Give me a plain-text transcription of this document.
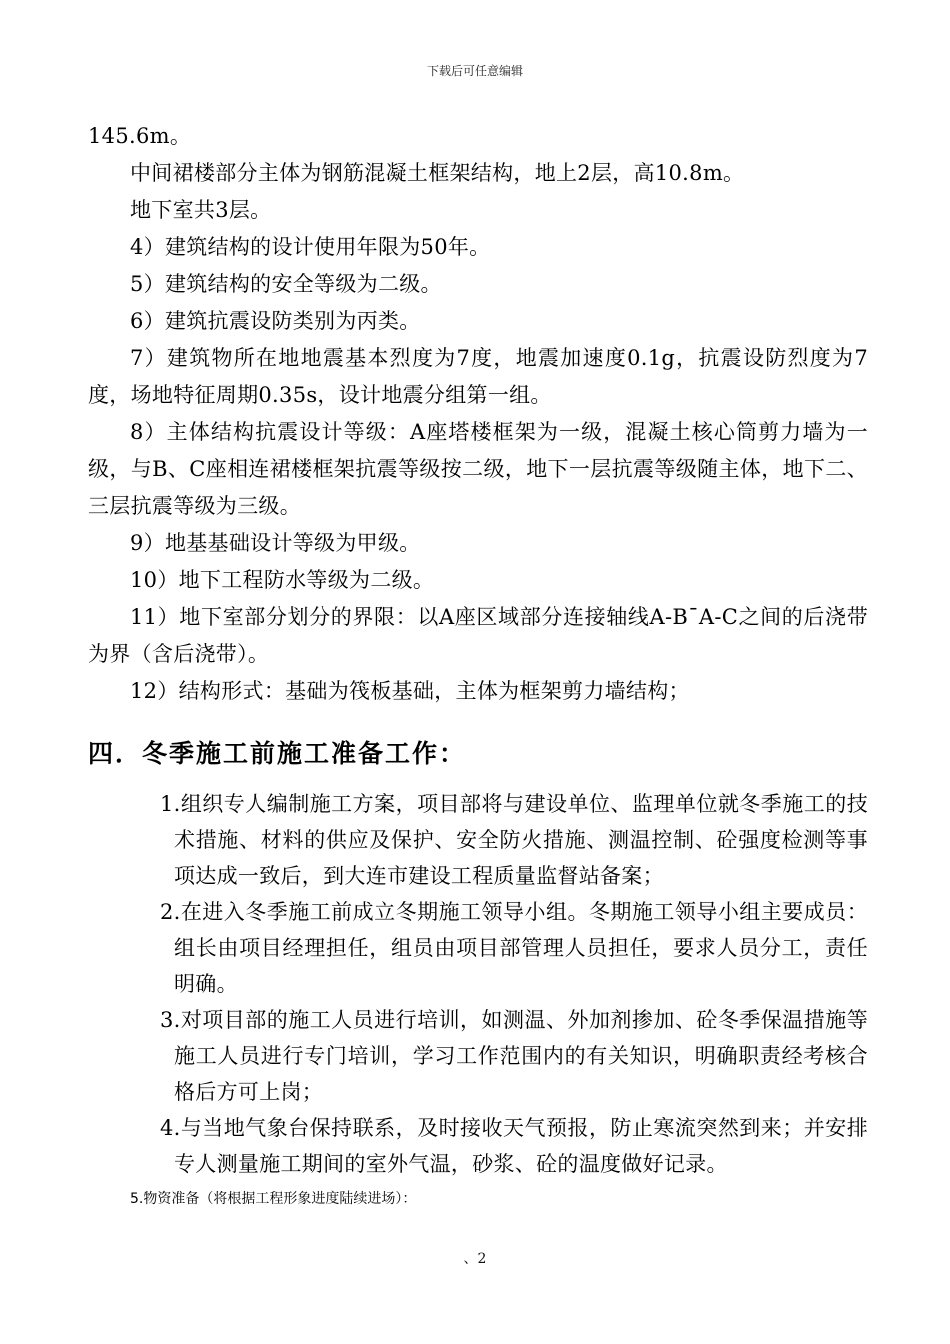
下载后可任意编辑

145.6m。

中间裙楼部分主体为钢筋混凝土框架结构，地上2层，高10.8m。

地下室共3层。

4）建筑结构的设计使用年限为50年。

5）建筑结构的安全等级为二级。

6）建筑抗震设防类别为丙类。

7）建筑物所在地地震基本烈度为7度，地震加速度0.1g，抗震设防烈度为7度，场地特征周期0.35s，设计地震分组第一组。

8）主体结构抗震设计等级：A座塔楼框架为一级，混凝土核心筒剪力墙为一级，与B、C座相连裙楼框架抗震等级按二级，地下一层抗震等级随主体，地下二、三层抗震等级为三级。

9）地基基础设计等级为甲级。

10）地下工程防水等级为二级。

11）地下室部分划分的界限：以A座区域部分连接轴线A-B¯A-C之间的后浇带为界（含后浇带）。

12）结构形式：基础为筏板基础，主体为框架剪力墙结构；

四．冬季施工前施工准备工作：

1.组织专人编制施工方案，项目部将与建设单位、监理单位就冬季施工的技术措施、材料的供应及保护、安全防火措施、测温控制、砼强度检测等事项达成一致后，到大连市建设工程质量监督站备案；

2.在进入冬季施工前成立冬期施工领导小组。冬期施工领导小组主要成员：组长由项目经理担任，组员由项目部管理人员担任，要求人员分工，责任明确。

3.对项目部的施工人员进行培训，如测温、外加剂掺加、砼冬季保温措施等施工人员进行专门培训，学习工作范围内的有关知识，明确职责经考核合格后方可上岗；

4.与当地气象台保持联系，及时接收天气预报，防止寒流突然到来；并安排专人测量施工期间的室外气温，砂浆、砼的温度做好记录。

5.物资准备（将根据工程形象进度陆续进场）：
、2
